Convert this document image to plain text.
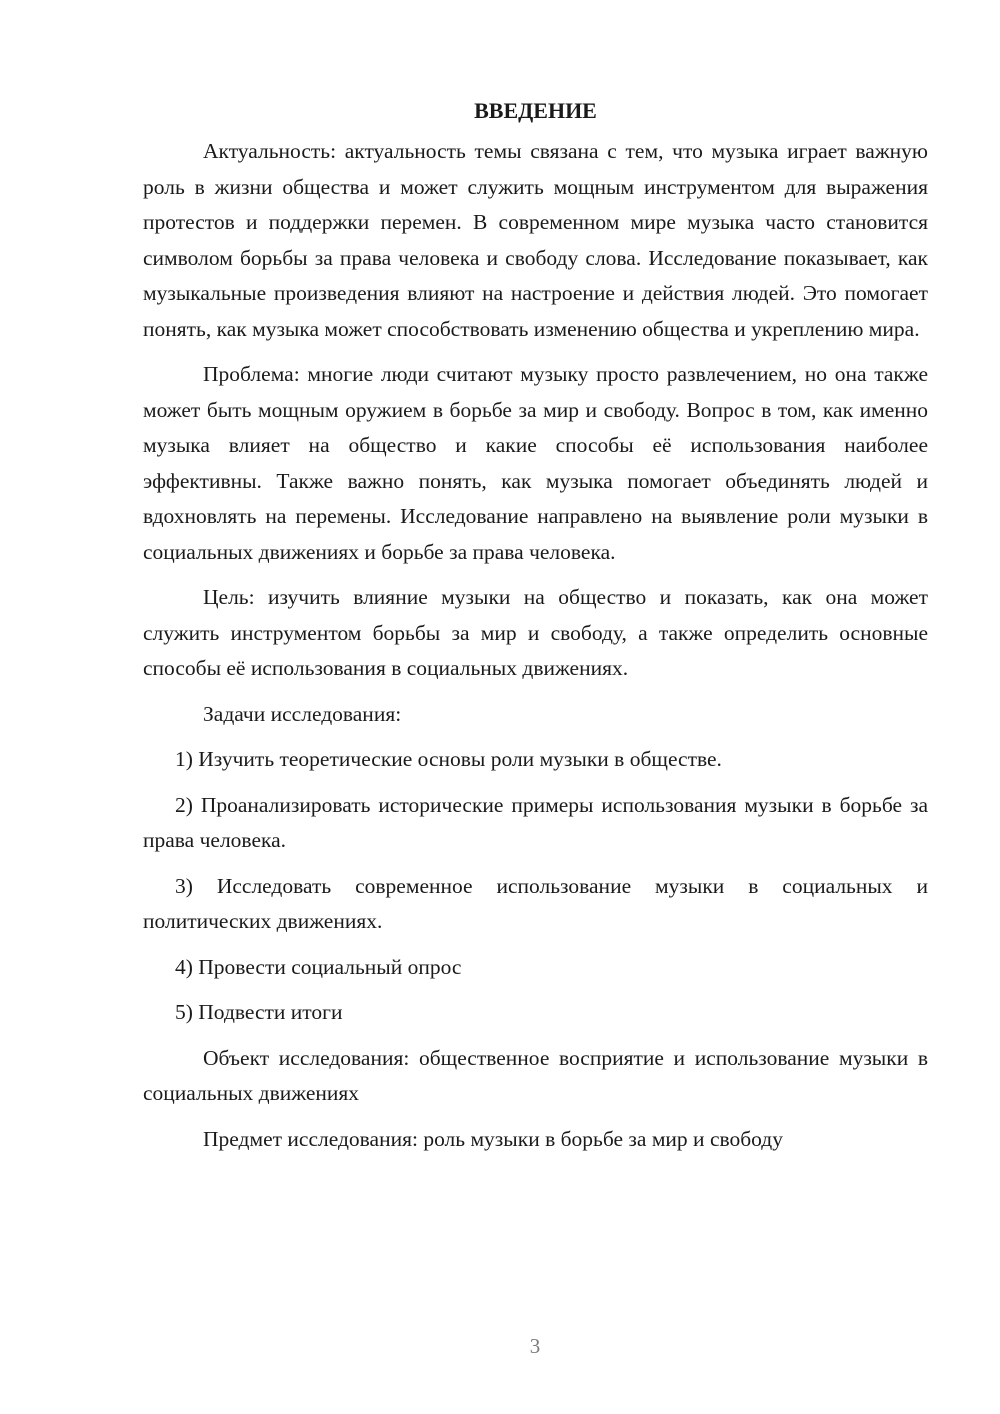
ВВЕДЕНИЕ

Актуальность: актуальность темы связана с тем, что музыка играет важную роль в жизни общества и может служить мощным инструментом для выражения протестов и поддержки перемен. В современном мире музыка часто становится символом борьбы за права человека и свободу слова. Исследование показывает, как музыкальные произведения влияют на настроение и действия людей. Это помогает понять, как музыка может способствовать изменению общества и укреплению мира.

Проблема: многие люди считают музыку просто развлечением, но она также может быть мощным оружием в борьбе за мир и свободу. Вопрос в том, как именно музыка влияет на общество и какие способы её использования наиболее эффективны. Также важно понять, как музыка помогает объединять людей и вдохновлять на перемены. Исследование направлено на выявление роли музыки в социальных движениях и борьбе за права человека.

Цель: изучить влияние музыки на общество и показать, как она может служить инструментом борьбы за мир и свободу, а также определить основные способы её использования в социальных движениях.

Задачи исследования:

1) Изучить теоретические основы роли музыки в обществе.

2) Проанализировать исторические примеры использования музыки в борьбе за права человека.

3) Исследовать современное использование музыки в социальных и политических движениях.

4) Провести социальный опрос

5) Подвести итоги

Объект исследования: общественное восприятие и использование музыки в социальных движениях

Предмет исследования: роль музыки в борьбе за мир и свободу

3
